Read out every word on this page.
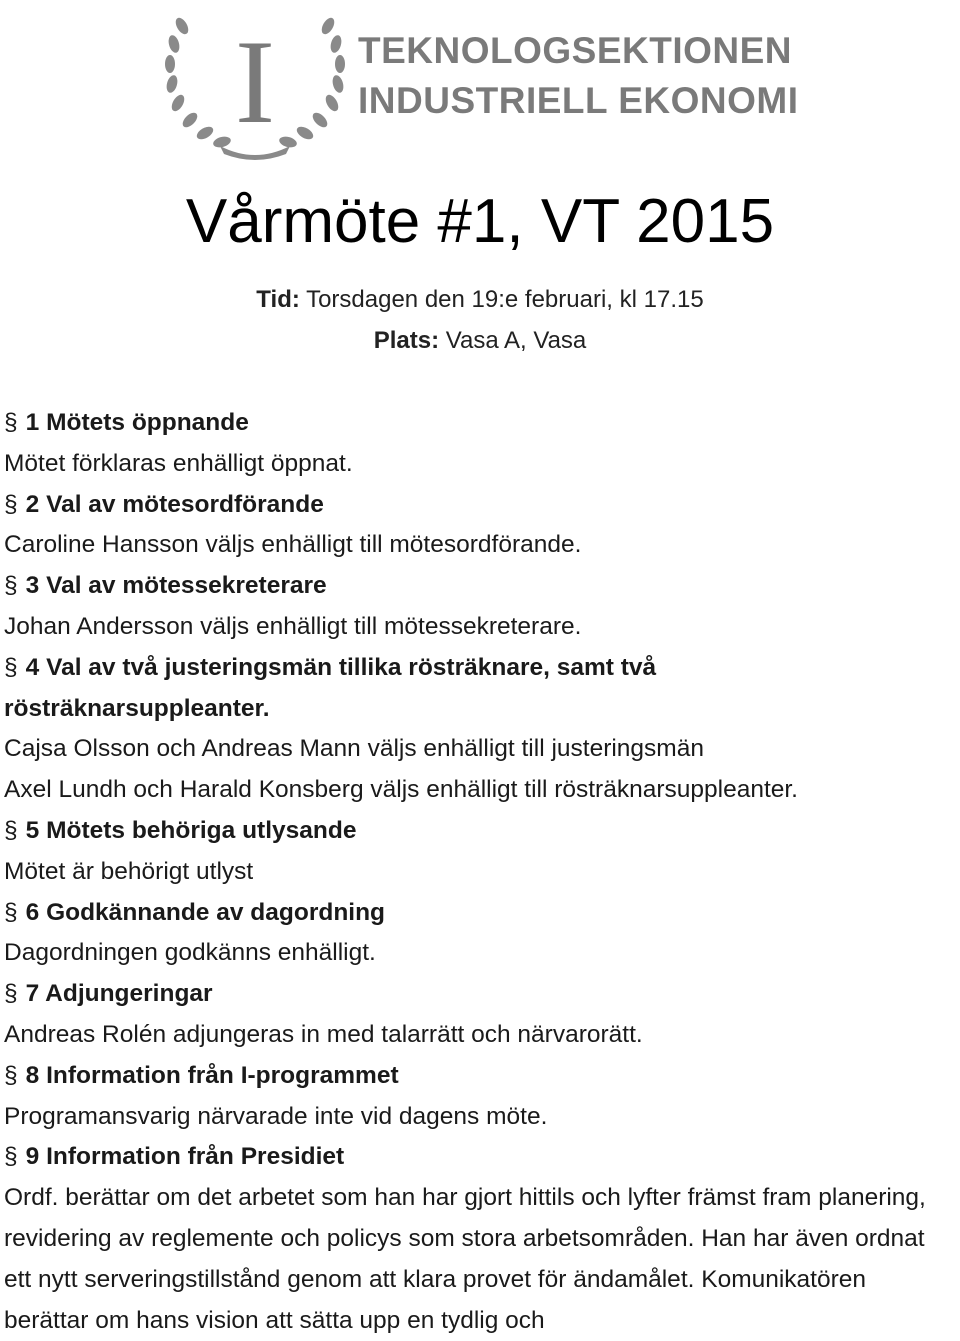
I TEKNOLOGSEKTIONEN
INDUSTRIELL EKONOMI
Vårmöte #1, VT 2015
Tid: Torsdagen den 19:e februari, kl 17.15
Plats: Vasa A, Vasa
§ 1 Mötets öppnande
Mötet förklaras enhälligt öppnat.
§ 2 Val av mötesordförande
Caroline Hansson väljs enhälligt till mötesordförande.
§ 3 Val av mötessekreterare
Johan Andersson väljs enhälligt till mötessekreterare.
§ 4 Val av två justeringsmän tillika rösträknare, samt två
rösträknarsuppleanter.
Cajsa Olsson och Andreas Mann väljs enhälligt till justeringsmän
Axel Lundh och Harald Konsberg väljs enhälligt till rösträknarsuppleanter.
§ 5 Mötets behöriga utlysande
Mötet är behörigt utlyst
§ 6 Godkännande av dagordning
Dagordningen godkänns enhälligt.
§ 7 Adjungeringar
Andreas Rolén adjungeras in med talarrätt och närvarorätt.
§ 8 Information från I-programmet
Programansvarig närvarade inte vid dagens möte.
§ 9 Information från Presidiet
Ordf. berättar om det arbetet som han har gjort hittils och lyfter främst fram planering, revidering av reglemente och policys som stora arbetsområden. Han har även ordnat ett nytt serveringstillstånd genom att klara provet för ändamålet. Komunikatören berättar om hans vision att sätta upp en tydlig och
